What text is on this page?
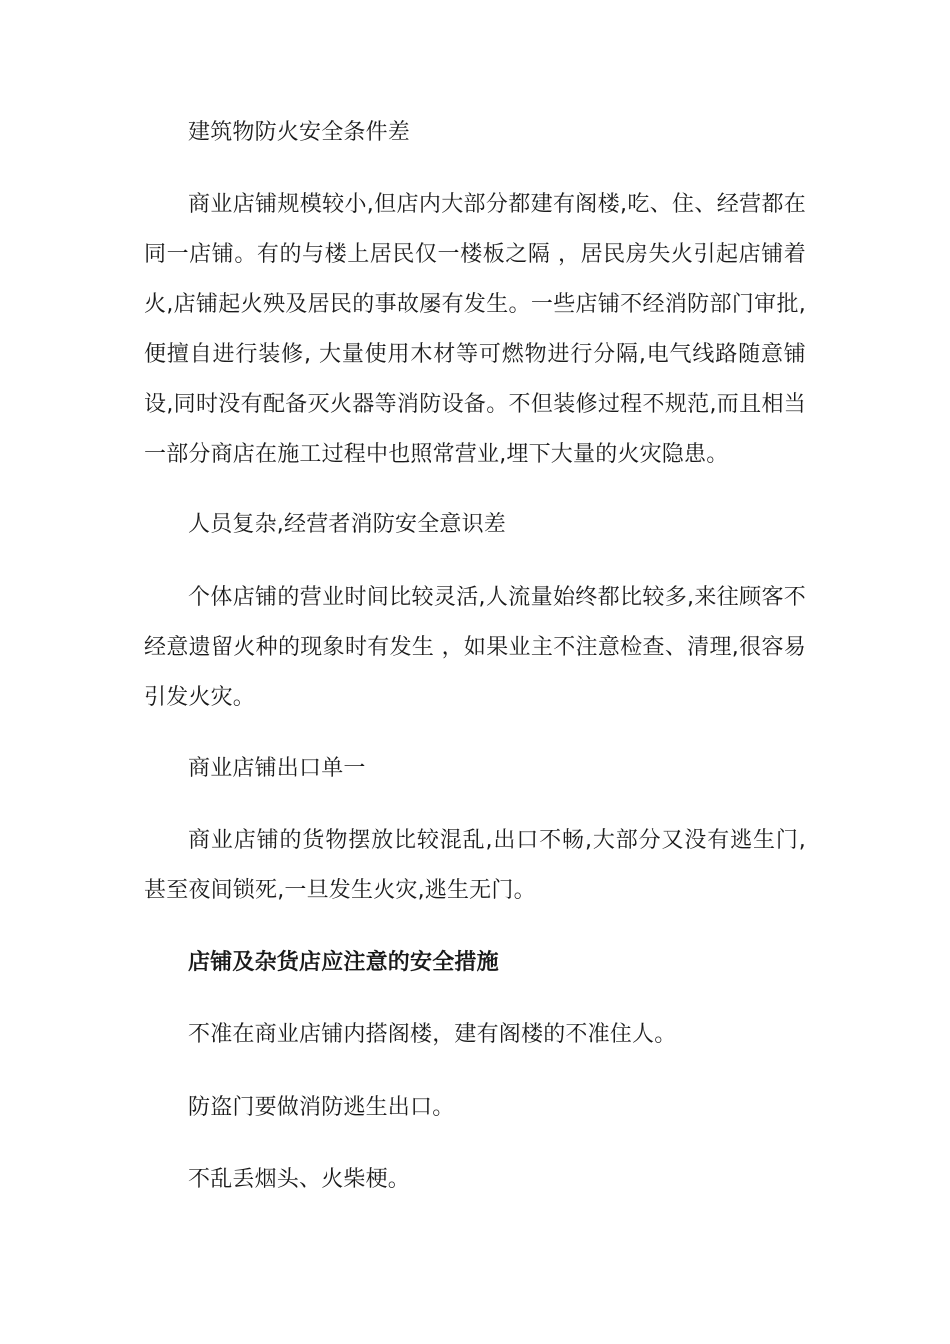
建筑物防火安全条件差

商业店铺规模较小,但店内大部分都建有阁楼,吃、住、经营都在同一店铺。有的与楼上居民仅一楼板之隔 ，居民房失火引起店铺着火,店铺起火殃及居民的事故屡有发生。一些店铺不经消防部门审批,便擅自进行装修, 大量使用木材等可燃物进行分隔,电气线路随意铺设,同时没有配备灭火器等消防设备。不但装修过程不规范,而且相当一部分商店在施工过程中也照常营业,埋下大量的火灾隐患。

人员复杂,经营者消防安全意识差

个体店铺的营业时间比较灵活,人流量始终都比较多,来往顾客不经意遗留火种的现象时有发生 ，如果业主不注意检查、清理,很容易引发火灾。

商业店铺出口单一

商业店铺的货物摆放比较混乱,出口不畅,大部分又没有逃生门,甚至夜间锁死,一旦发生火灾,逃生无门。

店铺及杂货店应注意的安全措施

不准在商业店铺内搭阁楼，建有阁楼的不准住人。

防盗门要做消防逃生出口。

不乱丢烟头、火柴梗。
